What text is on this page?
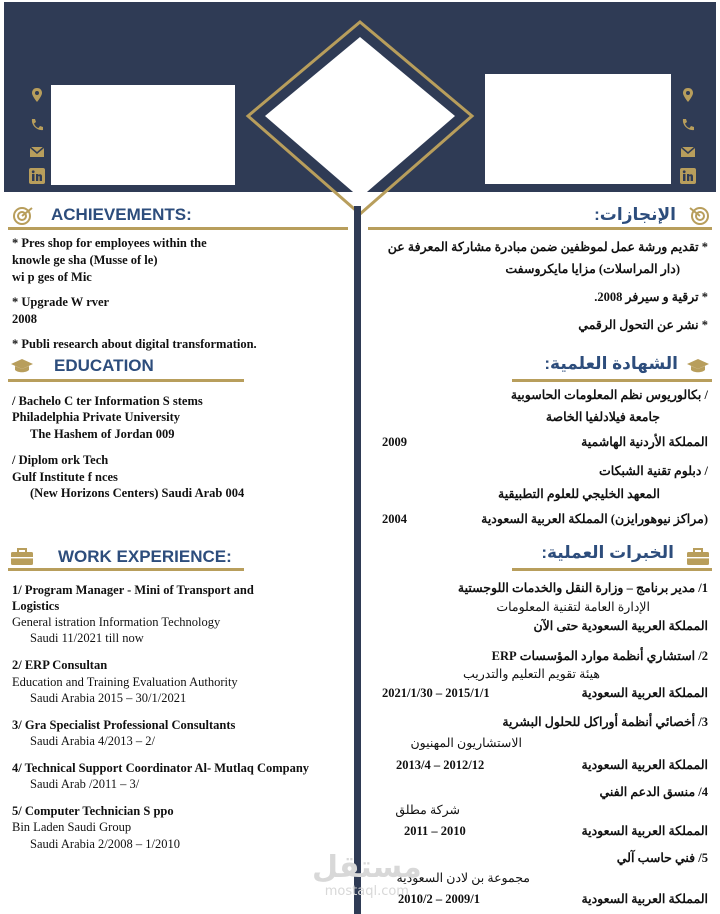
ACHIEVEMENTS:
* Pres shop for employees within the
knowle ge sha (Musse of le)
wi p ges of Mic
* Upgrade W rver
2008
* Publi research about digital transformation.
EDUCATION
/ Bachelo C ter Information S stems
Philadelphia Private University
The Hashem of Jordan 009
/ Diplom ork Tech
Gulf Institute f nces
(New Horizons Centers) Saudi Arab 004
WORK EXPERIENCE:
1/ Program Manager - Mini of Transport and
Logistics
General istration Information Technology
Saudi 11/2021 till now
2/ ERP Consultan
Education and Training Evaluation Authority
Saudi Arabia 2015 – 30/1/2021
3/ Gra Specialist Professional Consultants
Saudi Arabia 4/2013 – 2/
4/ Technical Support Coordinator Al- Mutlaq Company
Saudi Arab /2011 – 3/
5/ Computer Technician S ppo
Bin Laden Saudi Group
Saudi Arabia 2/2008 – 1/2010
الإنجازات:
* تقديم ورشة عمل لموظفين ضمن مبادرة مشاركة المعرفة عن
(دار المراسلات) مزايا مايكروسفت
* ترقية و سيرفر 2008.
* نشر عن التحول الرقمي
الشهادة العلمية:
/ بكالوريوس نظم المعلومات الحاسوبية
جامعة فيلادلفيا الخاصة
المملكة الأردنية الهاشمية
2009
/ دبلوم تقنية الشبكات
المعهد الخليجي للعلوم التطبيقية
(مراكز نيوهورايزن) المملكة العربية السعودية
2004
الخبرات العملية:
1/ مدير برنامج – وزارة النقل والخدمات اللوجستية
الإدارة العامة لتقنية المعلومات
المملكة العربية السعودية حتى الآن
2/ استشاري أنظمة موارد المؤسسات ERP
هيئة تقويم التعليم والتدريب
المملكة العربية السعودية
2021/1/30 – 2015/1/1
3/ أخصائي أنظمة أوراكل للحلول البشرية
الاستشاريون المهنيون
المملكة العربية السعودية
2013/4 – 2012/12
4/ منسق الدعم الفني
شركة مطلق
المملكة العربية السعودية
2011 – 2010
5/ فني حاسب آلي
مجموعة بن لادن السعودية
المملكة العربية السعودية
2010/2 – 2009/1
مستقل
mostaql.com
